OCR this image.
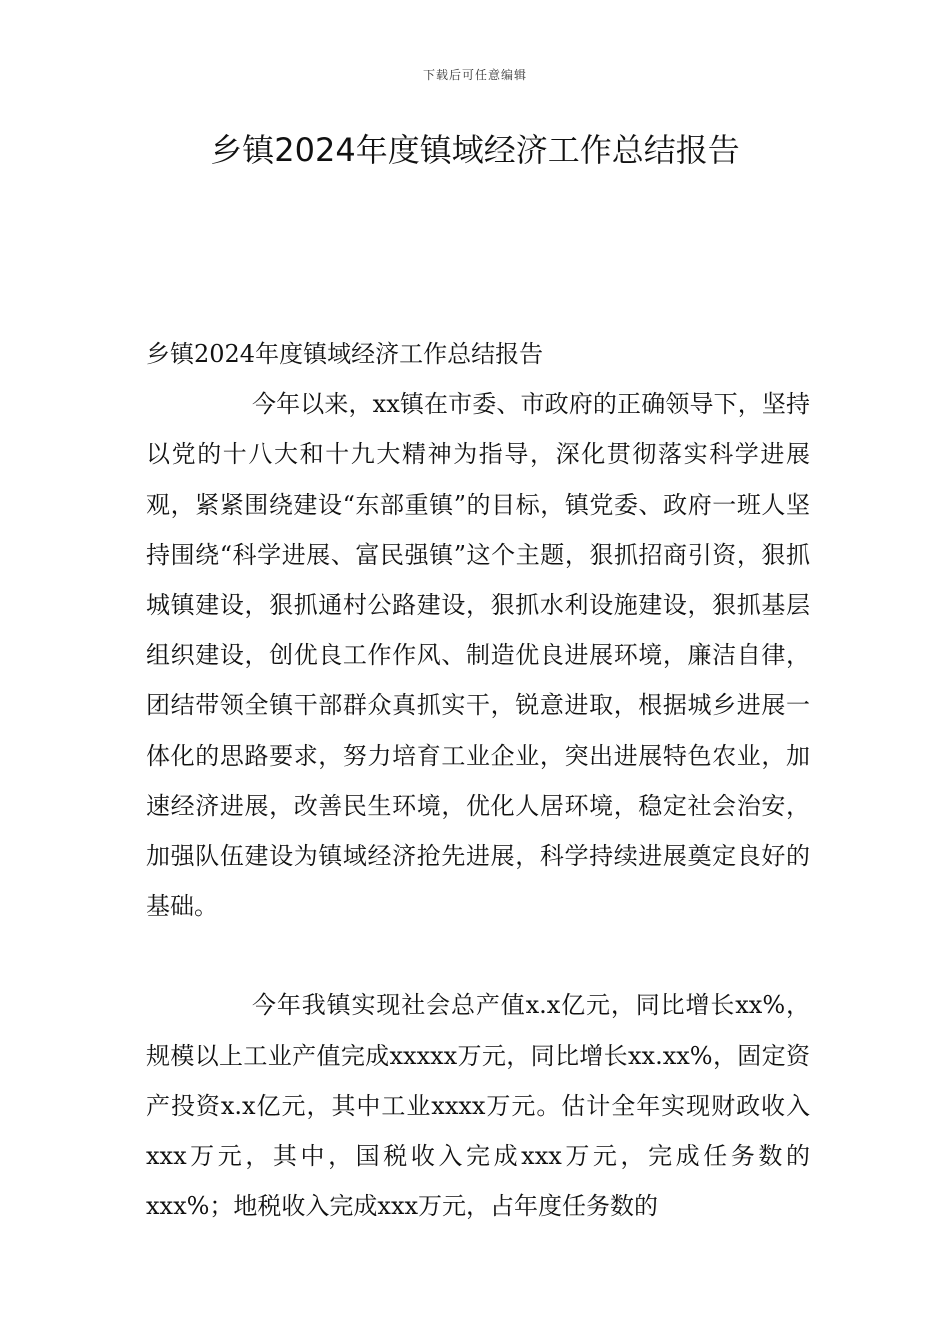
下载后可任意编辑
乡镇2024年度镇域经济工作总结报告

乡镇2024年度镇域经济工作总结报告

今年以来，xx镇在市委、市政府的正确领导下，坚持以党的十八大和十九大精神为指导，深化贯彻落实科学进展观，紧紧围绕建设“东部重镇”的目标，镇党委、政府一班人坚持围绕“科学进展、富民强镇”这个主题，狠抓招商引资，狠抓城镇建设，狠抓通村公路建设，狠抓水利设施建设，狠抓基层组织建设，创优良工作作风、制造优良进展环境，廉洁自律，团结带领全镇干部群众真抓实干，锐意进取，根据城乡进展一体化的思路要求，努力培育工业企业，突出进展特色农业，加速经济进展，改善民生环境，优化人居环境，稳定社会治安，加强队伍建设为镇域经济抢先进展，科学持续进展奠定良好的基础。

今年我镇实现社会总产值x.x亿元，同比增长xx%，规模以上工业产值完成xxxxx万元，同比增长xx.xx%，固定资产投资x.x亿元，其中工业xxxx万元。估计全年实现财政收入xxx万元，其中，国税收入完成xxx万元，完成任务数的xxx%；地税收入完成xxx万元，占年度任务数的
